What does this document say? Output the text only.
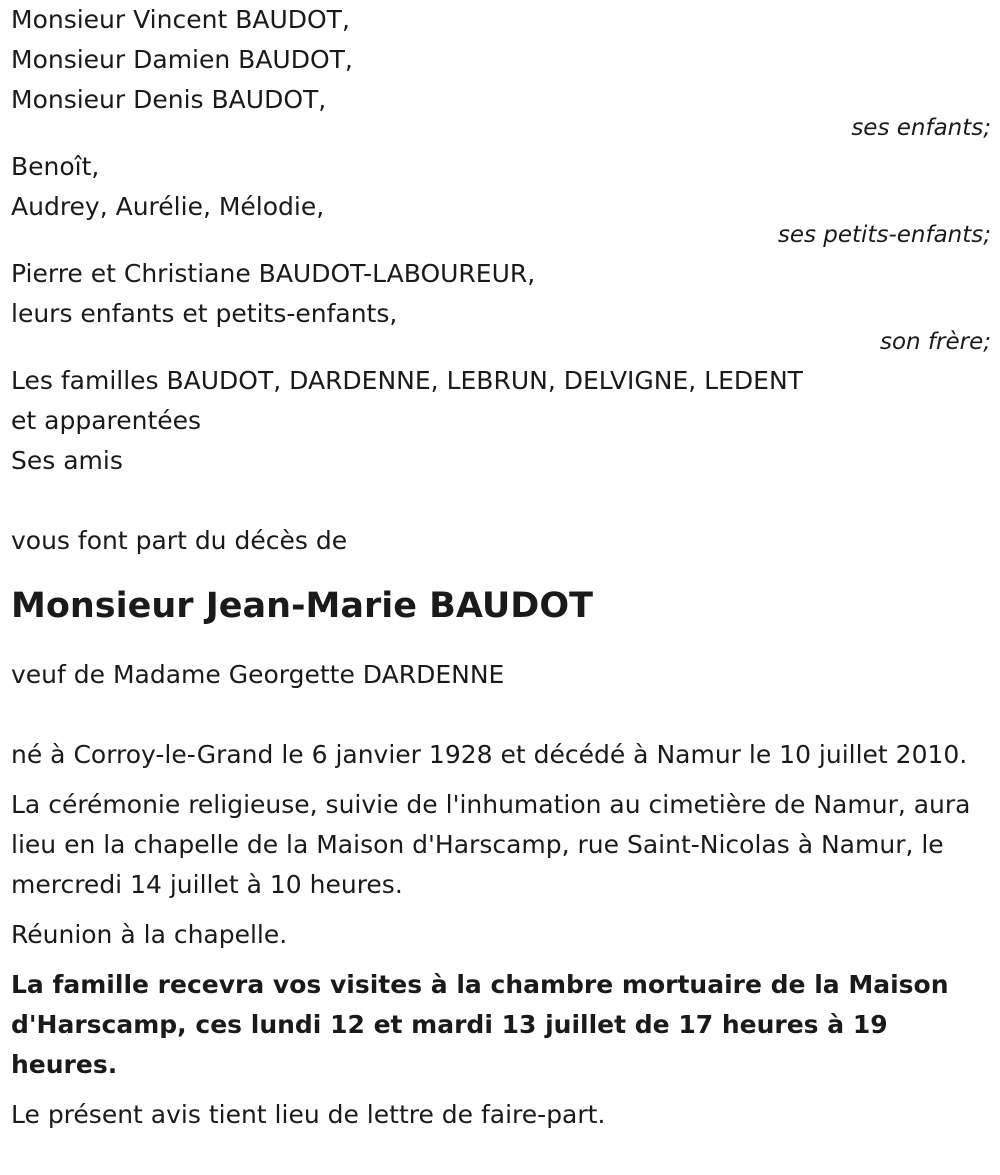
Monsieur Vincent BAUDOT,
Monsieur Damien BAUDOT,
Monsieur Denis BAUDOT,
ses enfants;
Benoît,
Audrey, Aurélie, Mélodie,
ses petits-enfants;
Pierre et Christiane BAUDOT-LABOUREUR,
leurs enfants et petits-enfants,
son frère;
Les familles BAUDOT, DARDENNE, LEBRUN, DELVIGNE, LEDENT
et apparentées
Ses amis
vous font part du décès de
Monsieur Jean-Marie BAUDOT
veuf de Madame Georgette DARDENNE
né à Corroy-le-Grand le 6 janvier 1928 et décédé à Namur le 10 juillet 2010.
La cérémonie religieuse, suivie de l'inhumation au cimetière de Namur, aura lieu en la chapelle de la Maison d'Harscamp, rue Saint-Nicolas à Namur, le mercredi 14 juillet à 10 heures.
Réunion à la chapelle.
La famille recevra vos visites à la chambre mortuaire de la Maison d'Harscamp, ces lundi 12 et mardi 13 juillet de 17 heures à 19 heures.
Le présent avis tient lieu de lettre de faire-part.
